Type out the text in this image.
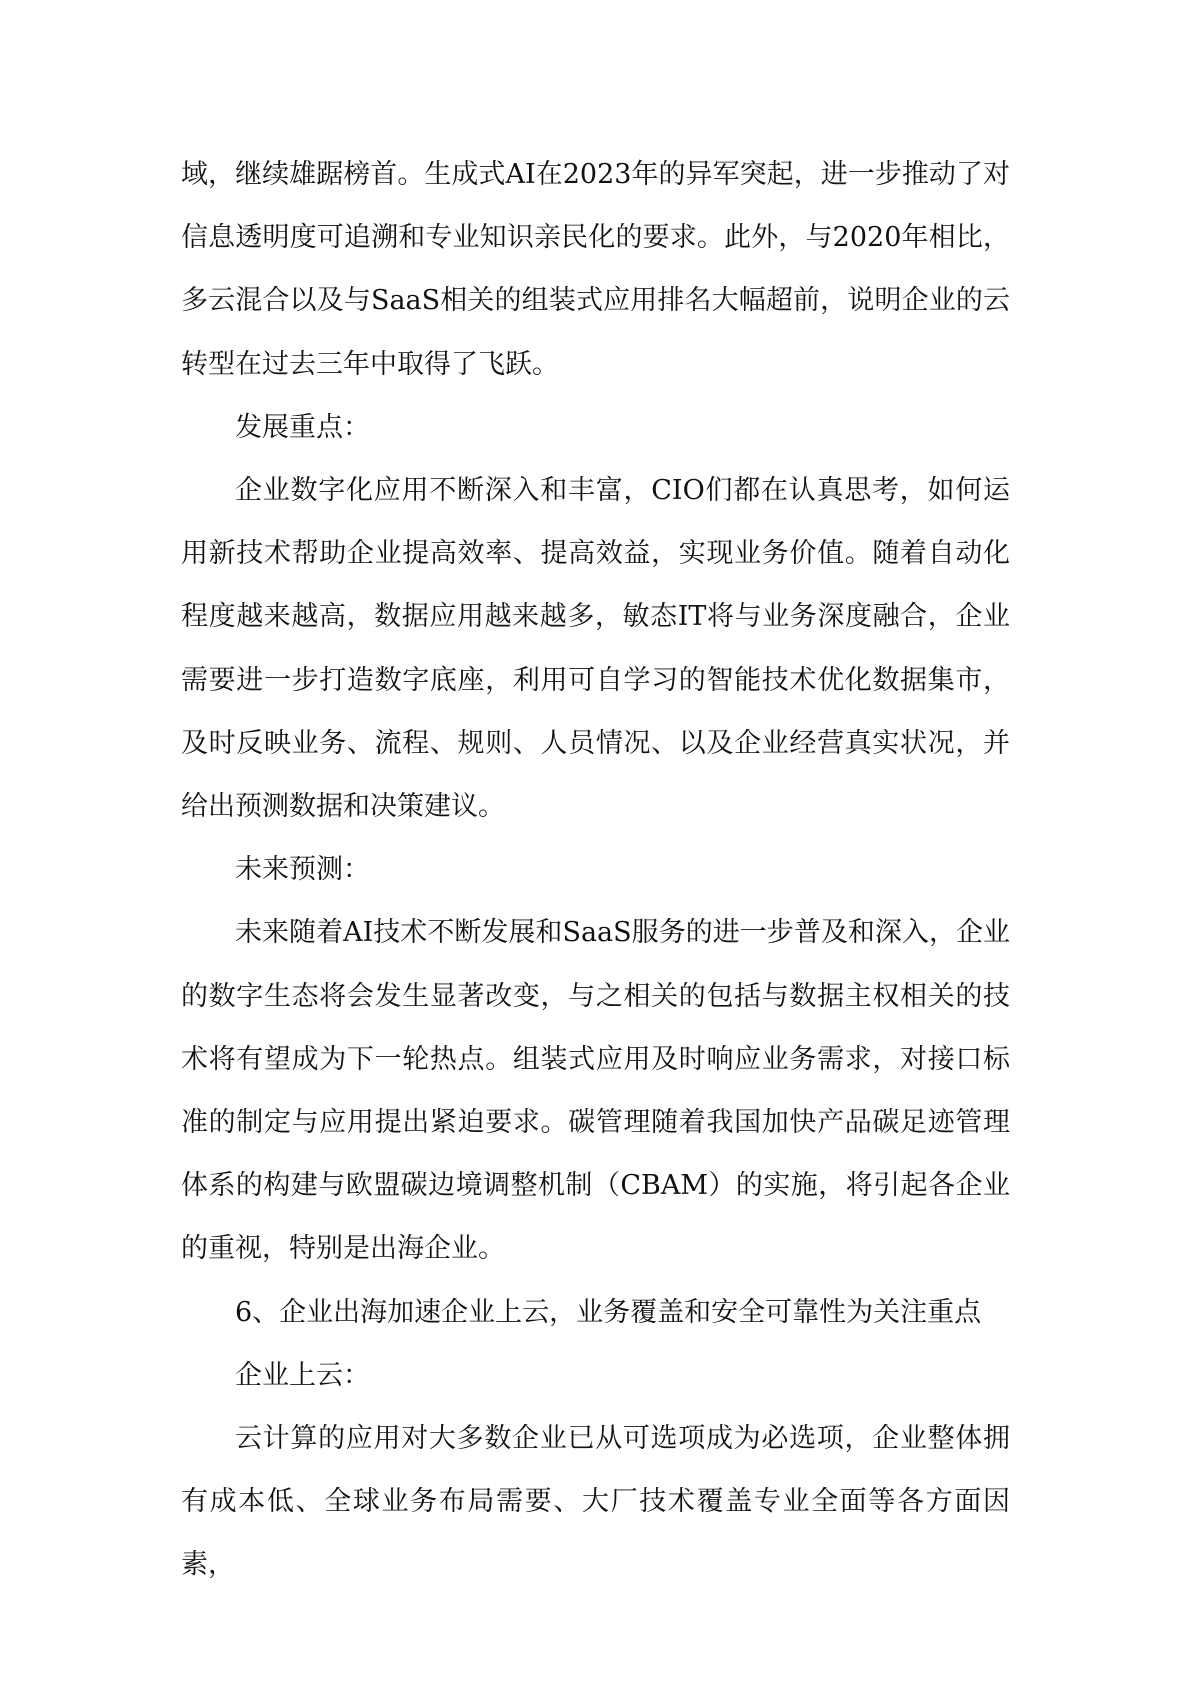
域，继续雄踞榜首。生成式AI在2023年的异军突起，进一步推动了对信息透明度可追溯和专业知识亲民化的要求。此外，与2020年相比，多云混合以及与SaaS相关的组装式应用排名大幅超前，说明企业的云转型在过去三年中取得了飞跃。

发展重点：

企业数字化应用不断深入和丰富，CIO们都在认真思考，如何运用新技术帮助企业提高效率、提高效益，实现业务价值。随着自动化程度越来越高，数据应用越来越多，敏态IT将与业务深度融合，企业需要进一步打造数字底座，利用可自学习的智能技术优化数据集市，及时反映业务、流程、规则、人员情况、以及企业经营真实状况，并给出预测数据和决策建议。

未来预测：

未来随着AI技术不断发展和SaaS服务的进一步普及和深入，企业的数字生态将会发生显著改变，与之相关的包括与数据主权相关的技术将有望成为下一轮热点。组装式应用及时响应业务需求，对接口标准的制定与应用提出紧迫要求。碳管理随着我国加快产品碳足迹管理体系的构建与欧盟碳边境调整机制（CBAM）的实施，将引起各企业的重视，特别是出海企业。

6、企业出海加速企业上云，业务覆盖和安全可靠性为关注重点

企业上云：

云计算的应用对大多数企业已从可选项成为必选项，企业整体拥有成本低、全球业务布局需要、大厂技术覆盖专业全面等各方面因素，
